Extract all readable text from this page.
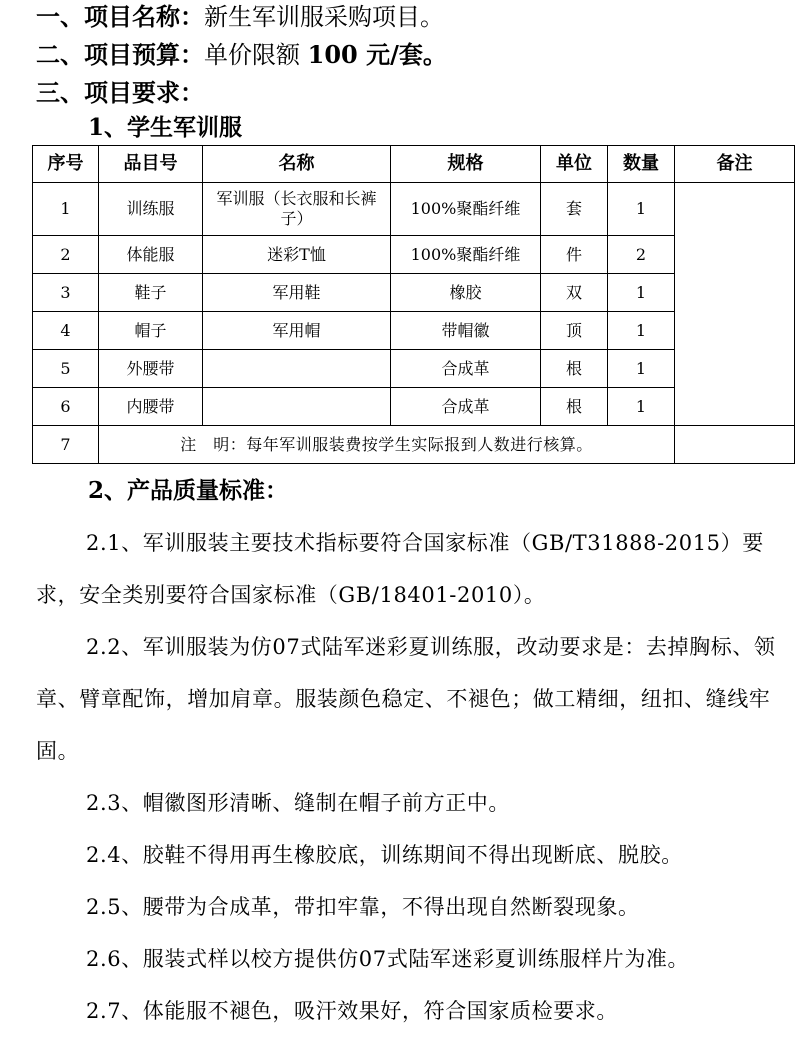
一、项目名称：新生军训服采购项目。
二、项目预算：单价限额 100 元/套。
三、项目要求：
1、学生军训服
序号	品目号	名称	规格	单位	数量	备注
1	训练服	军训服（长衣服和长裤子）	100%聚酯纤维	套	1	
2	体能服	迷彩T恤	100%聚酯纤维	件	2	
3	鞋子	军用鞋	橡胶	双	1	
4	帽子	军用帽	带帽徽	顶	1	
5	外腰带		合成革	根	1	
6	内腰带		合成革	根	1	
7	注　明：每年军训服装费按学生实际报到人数进行核算。					
2、产品质量标准：
2.1、军训服装主要技术指标要符合国家标准（GB/T31888-2015）要求，安全类别要符合国家标准（GB/18401-2010）。
2.2、军训服装为仿07式陆军迷彩夏训练服，改动要求是：去掉胸标、领章、臂章配饰，增加肩章。服装颜色稳定、不褪色；做工精细，纽扣、缝线牢固。
2.3、帽徽图形清晰、缝制在帽子前方正中。
2.4、胶鞋不得用再生橡胶底，训练期间不得出现断底、脱胶。
2.5、腰带为合成革，带扣牢靠，不得出现自然断裂现象。
2.6、服装式样以校方提供仿07式陆军迷彩夏训练服样片为准。
2.7、体能服不褪色，吸汗效果好，符合国家质检要求。
